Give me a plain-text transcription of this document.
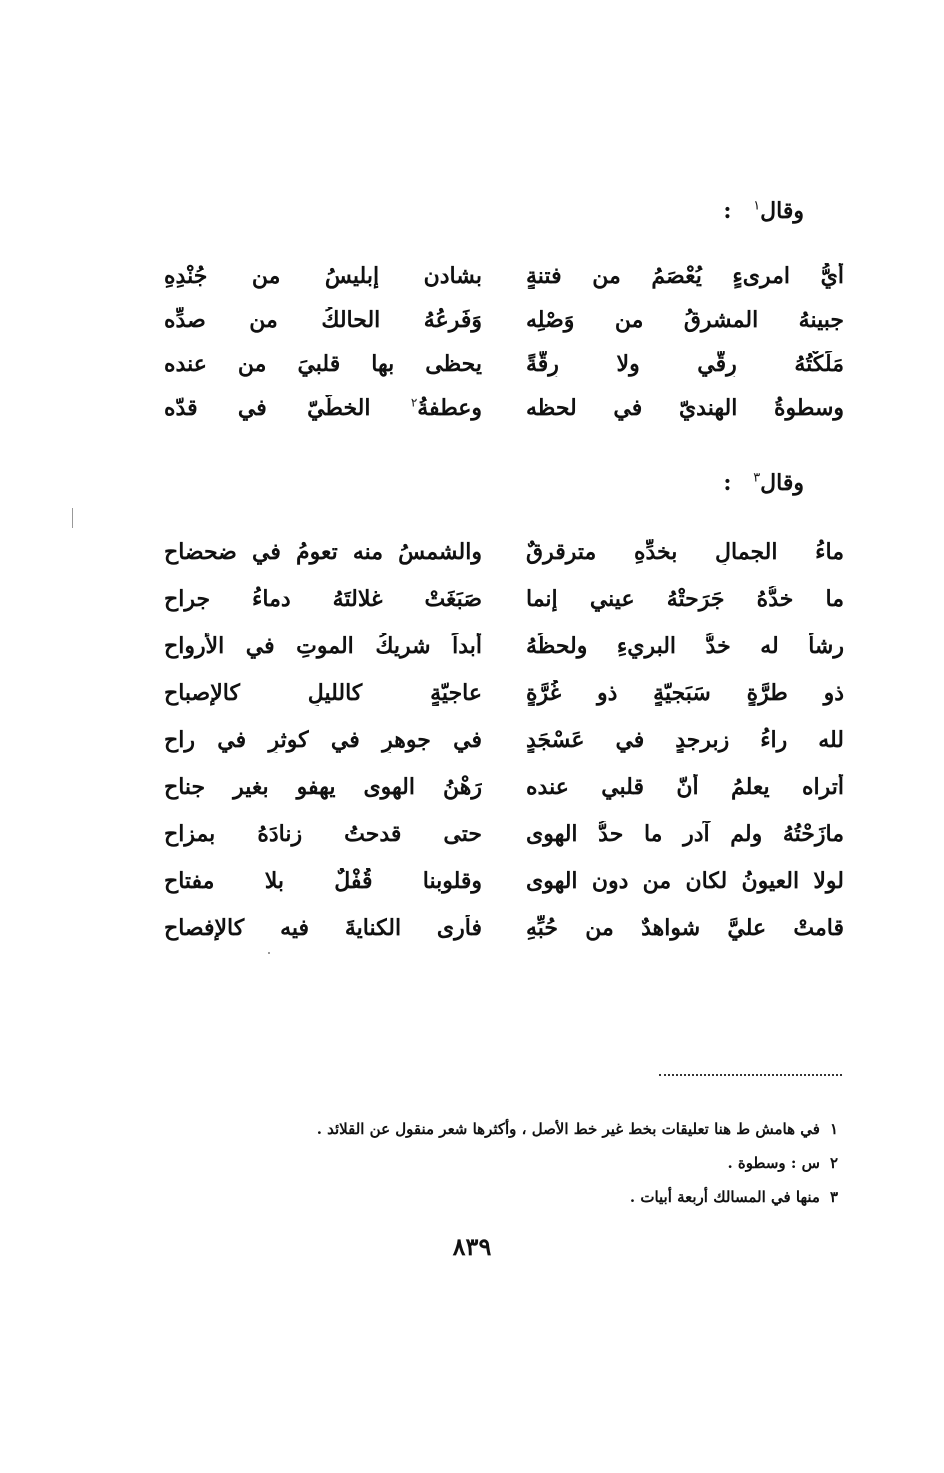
وقال$^١$ :
أيُّ امرىءٍ يُعْصَمُ من فتنةٍ
بشادن إبليسُ من جُنْدِهِ
جبينهُ المشرقُ من وَصْلِه
وَفَرعُهُ الحالكُ من صدِّه
مَلَكْتُهُ رِقّي ولا رِقّةً
يحظى بها قلبيَ من عنده
وسطوةُ الهنديّ في لحظه
وعطفةُ$^٢$ الخطّيّ في قدّه
وقال$^٣$ :
ماءُ الجمالِ بخدِّهِ مترقرقٌ
والشمسُ منه تعومُ في ضحضاحِ
ما خدُّهُ جَرَحتْهُ عيني إنما
صَبَغَتْ غلالتَهُ دماءُ جراح
رشأٌ له خدُّ البريءِ ولحظُهُ
أبداً شريكُ الموتِ في الأرواح
ذو طرَّةٍ سَبَجيّةٍ ذو غُرَّةٍ
عاجيّةٍ كالليلِ كالإصباح
لله راءُ زبرجدٍ في عَسْجَدٍ
في جوهرٍ في كوثرٍ في راح
أتراه يعلمُ أنّ قلبي عنده
رَهْنُ الهوى يهفو بغير جناح
مازَحْتُهُ ولم آدر ما حدُّ الهوى
حتى قدحتُ زنادَهُ بمزاح
لولا العيونُ لكان من دون الهوى
وقلوبنا قُفْلٌ بلا مفتاح
قامتْ عليَّ شواهدٌ من حُبِّهِ
فأرى الكنايةَ فيه كالإفصاح
١في هامش ط هنا تعليقات بخط غير خط الأصل ، وأكثرها شعر منقول عن القلائد .
٢س : وسطوة .
٣منها في المسالك أربعة أبيات .
٨٣٩
